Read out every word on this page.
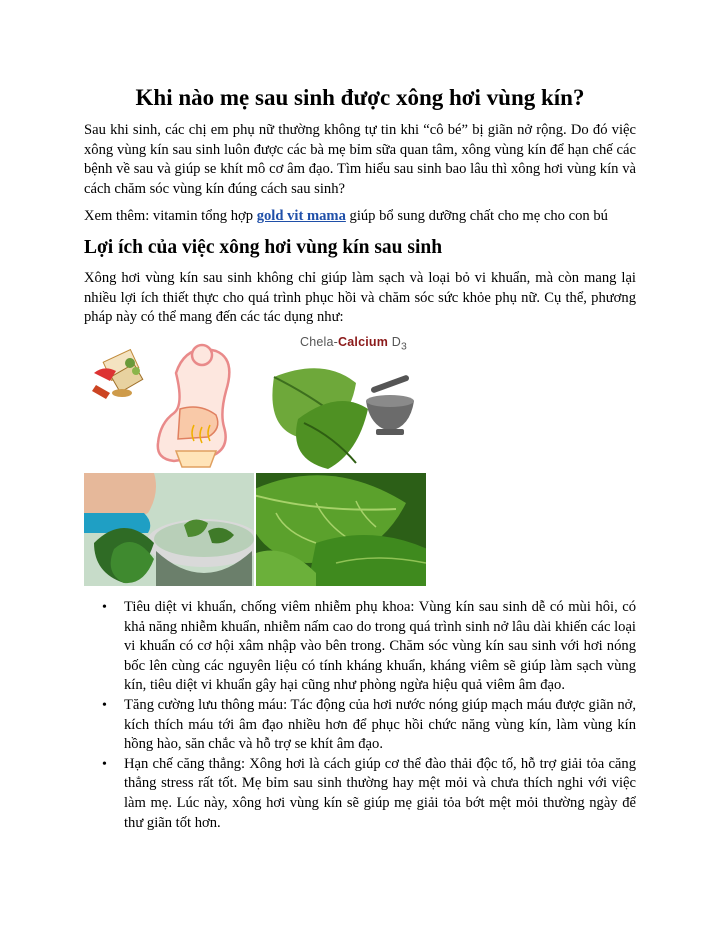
Khi nào mẹ sau sinh được xông hơi vùng kín?

Sau khi sinh, các chị em phụ nữ thường không tự tin khi “cô bé” bị giãn nở rộng. Do đó việc xông vùng kín sau sinh luôn được các bà mẹ bỉm sữa quan tâm, xông vùng kín để hạn chế các bệnh về sau và giúp se khít mô cơ âm đạo. Tìm hiểu sau sinh bao lâu thì xông hơi vùng kín và cách chăm sóc vùng kín đúng cách sau sinh?

Xem thêm: vitamin tổng hợp gold vit mama giúp bổ sung dưỡng chất cho mẹ cho con bú

Lợi ích của việc xông hơi vùng kín sau sinh

Xông hơi vùng kín sau sinh không chỉ giúp làm sạch và loại bỏ vi khuẩn, mà còn mang lại nhiều lợi ích thiết thực cho quá trình phục hồi và chăm sóc sức khỏe phụ nữ. Cụ thể, phương pháp này có thể mang đến các tác dụng như:

Chela-Calcium $D_3$
• Tiêu diệt vi khuẩn, chống viêm nhiễm phụ khoa: Vùng kín sau sinh dễ có mùi hôi, có khả năng nhiễm khuẩn, nhiễm nấm cao do trong quá trình sinh nở lâu dài khiến các loại vi khuẩn có cơ hội xâm nhập vào bên trong. Chăm sóc vùng kín sau sinh với hơi nóng bốc lên cùng các nguyên liệu có tính kháng khuẩn, kháng viêm sẽ giúp làm sạch vùng kín, tiêu diệt vi khuẩn gây hại cũng như phòng ngừa hiệu quả viêm âm đạo.
• Tăng cường lưu thông máu: Tác động của hơi nước nóng giúp mạch máu được giãn nở, kích thích máu tới âm đạo nhiều hơn để phục hồi chức năng vùng kín, làm vùng kín hồng hào, săn chắc và hỗ trợ se khít âm đạo.
• Hạn chế căng thẳng: Xông hơi là cách giúp cơ thể đào thải độc tố, hỗ trợ giải tỏa căng thẳng stress rất tốt. Mẹ bỉm sau sinh thường hay mệt mỏi và chưa thích nghi với việc làm mẹ. Lúc này, xông hơi vùng kín sẽ giúp mẹ giải tỏa bớt mệt mỏi thường ngày để thư giãn tốt hơn.
